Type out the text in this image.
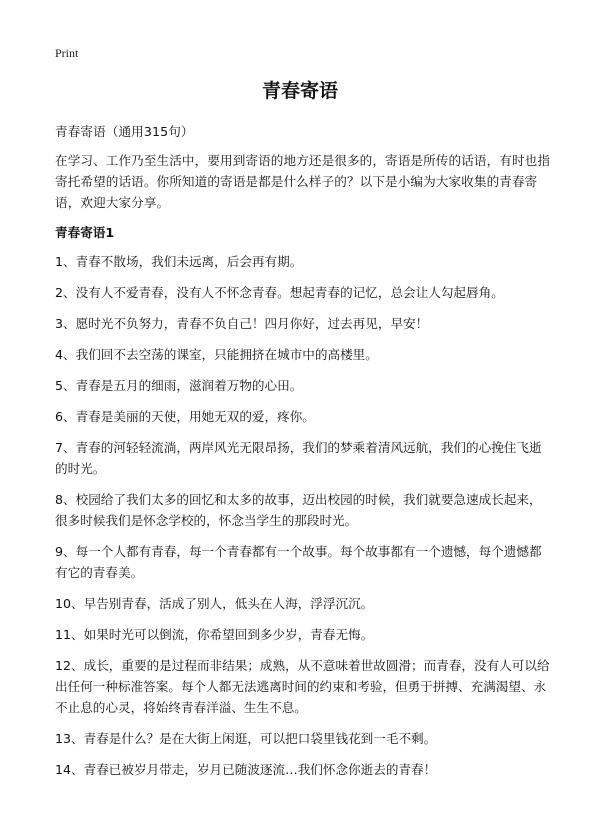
Print
青春寄语

青春寄语（通用315句）

在学习、工作乃至生活中，要用到寄语的地方还是很多的，寄语是所传的话语，有时也指寄托希望的话语。你所知道的寄语是都是什么样子的？以下是小编为大家收集的青春寄语，欢迎大家分享。

青春寄语1

1、青春不散场，我们未远离，后会再有期。

2、没有人不爱青春，没有人不怀念青春。想起青春的记忆，总会让人勾起唇角。

3、愿时光不负努力，青春不负自己！四月你好，过去再见，早安！

4、我们回不去空荡的课室，只能拥挤在城市中的高楼里。

5、青春是五月的细雨，滋润着万物的心田。

6、青春是美丽的天使，用她无双的爱，疼你。

7、青春的河轻轻流淌，两岸风光无限昂扬，我们的梦乘着清风远航，我们的心挽住飞逝的时光。

8、校园给了我们太多的回忆和太多的故事，迈出校园的时候，我们就要急速成长起来，很多时候我们是怀念学校的，怀念当学生的那段时光。

9、每一个人都有青春，每一个青春都有一个故事。每个故事都有一个遗憾，每个遗憾都有它的青春美。

10、早告别青春，活成了别人，低头在人海，浮浮沉沉。

11、如果时光可以倒流，你希望回到多少岁，青春无悔。

12、成长，重要的是过程而非结果；成熟，从不意味着世故圆滑；而青春，没有人可以给出任何一种标准答案。每个人都无法逃离时间的约束和考验，但勇于拼搏、充满渴望、永不止息的心灵，将始终青春洋溢、生生不息。

13、青春是什么？是在大街上闲逛，可以把口袋里钱花到一毛不剩。

14、青春已被岁月带走，岁月已随波逐流…我们怀念你逝去的青春！
